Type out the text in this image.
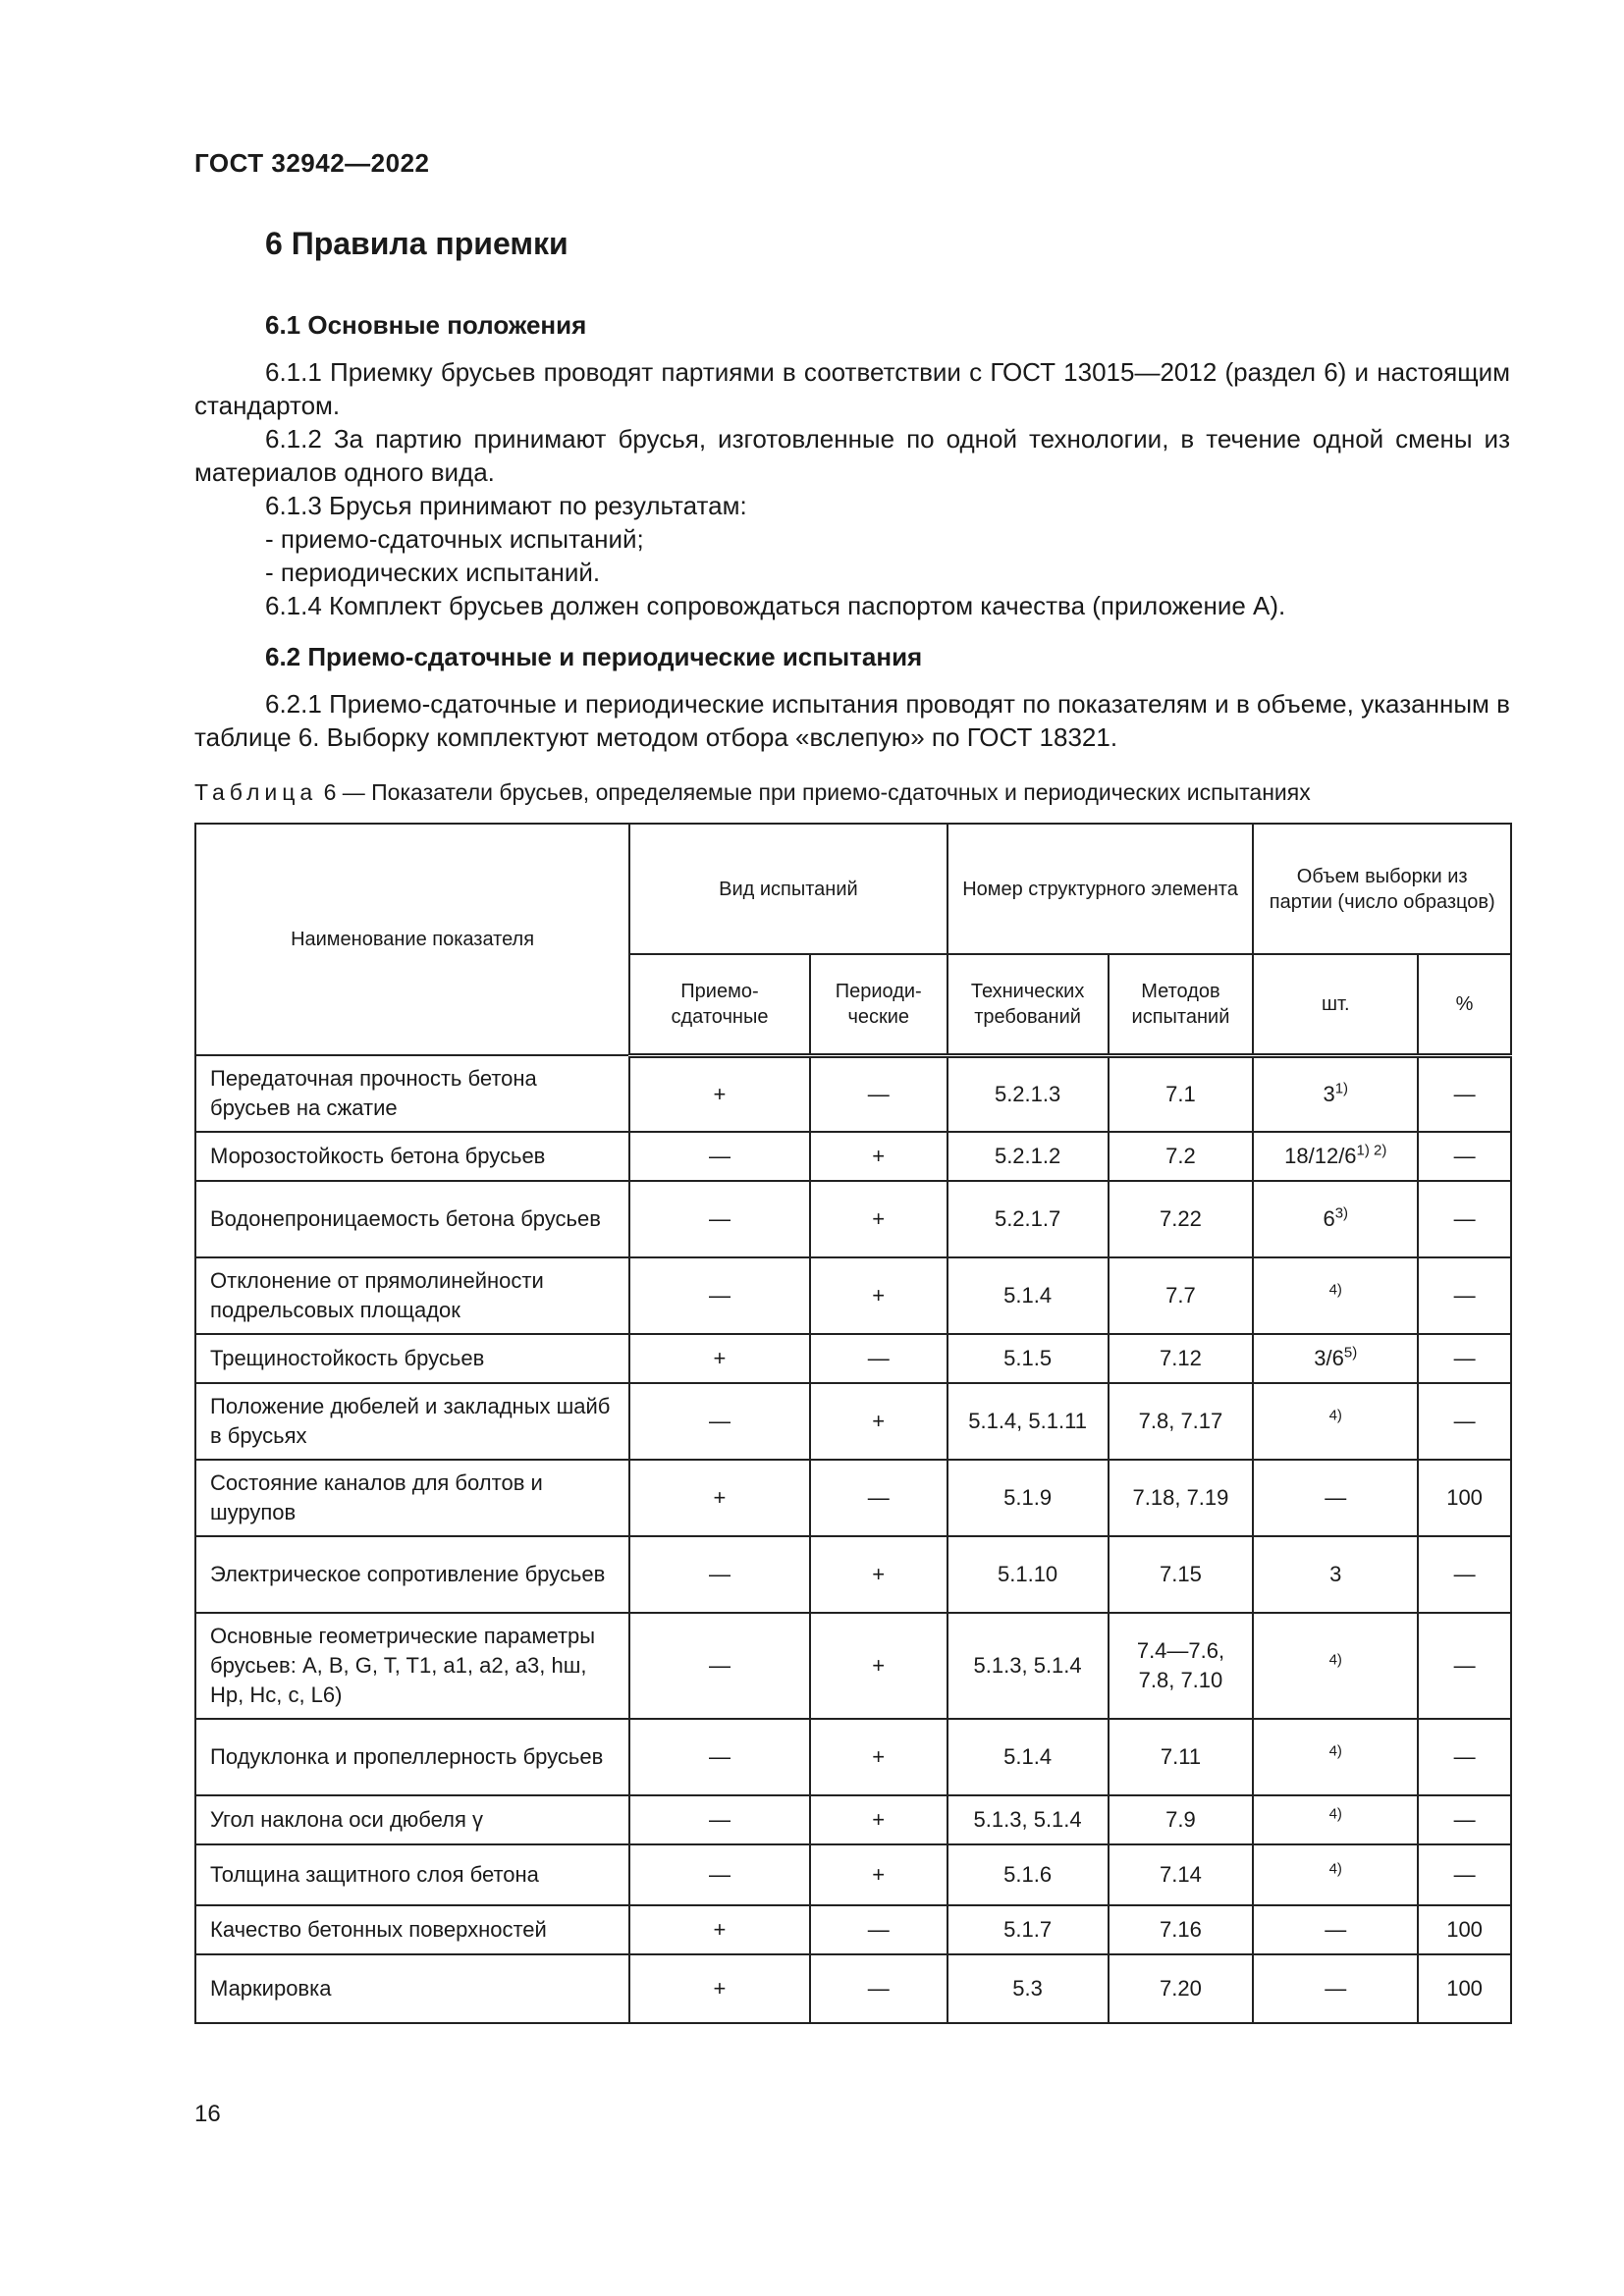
ГОСТ 32942—2022
6 Правила приемки
6.1 Основные положения

6.1.1 Приемку брусьев проводят партиями в соответствии с ГОСТ 13015—2012 (раздел 6) и настоящим стандартом.

6.1.2 За партию принимают брусья, изготовленные по одной технологии, в течение одной смены из материалов одного вида.

6.1.3 Брусья принимают по результатам:

- приемо-сдаточных испытаний;

- периодических испытаний.

6.1.4 Комплект брусьев должен сопровождаться паспортом качества (приложение А).

6.2 Приемо-сдаточные и периодические испытания

6.2.1 Приемо-сдаточные и периодические испытания проводят по показателям и в объеме, указанным в таблице 6. Выборку комплектуют методом отбора «вслепую» по ГОСТ 18321.

Таблица 6 — Показатели брусьев, определяемые при приемо-сдаточных и периодических испытаниях
Наименование показателя	Вид испытаний		Номер структурного элемента		Объем выборки из партии (число образцов)	
	Приемо-сдаточные	Периоди-ческие	Технических требований	Методов испытаний	шт.	%
Передаточная прочность бетона брусьев на сжатие	+	—	5.2.1.3	7.1	3$^{1)}$	—
Морозостойкость бетона брусьев	—	+	5.2.1.2	7.2	$18/12/6^{1) 2)}$	—
Водонепроницаемость бетона брусьев	—	+	5.2.1.7	7.22	6$^{3)}$	—
Отклонение от прямолинейности подрельсовых площадок	—	+	5.1.4	7.7	$^{4)}$	—
Трещиностойкость брусьев	+	—	5.1.5	7.12	3/6$^{5)}$	—
Положение дюбелей и закладных шайб в брусьях	—	+	5.1.4, 5.1.11	7.8, 7.17	$^{4)}$	—
Состояние каналов для болтов и шурупов	+	—	5.1.9	7.18, 7.19	—	100
Электрическое сопротивление брусьев	—	+	5.1.10	7.15	3	—
Основные геометрические параметры брусьев: A, B, G, T, T1, a1, a2, a3, hш, Hр, Hс, c, L6)	—	+	5.1.3, 5.1.4	7.4—7.6, 7.8, 7.10	$^{4)}$	—
Подуклонка и пропеллерность брусьев	—	+	5.1.4	7.11	$^{4)}$	—
Угол наклона оси дюбеля γ	—	+	5.1.3, 5.1.4	7.9	$^{4)}$	—
Толщина защитного слоя бетона	—	+	5.1.6	7.14	$^{4)}$	—
Качество бетонных поверхностей	+	—	5.1.7	7.16	—	100
Маркировка	+	—	5.3	7.20	—	100
16
